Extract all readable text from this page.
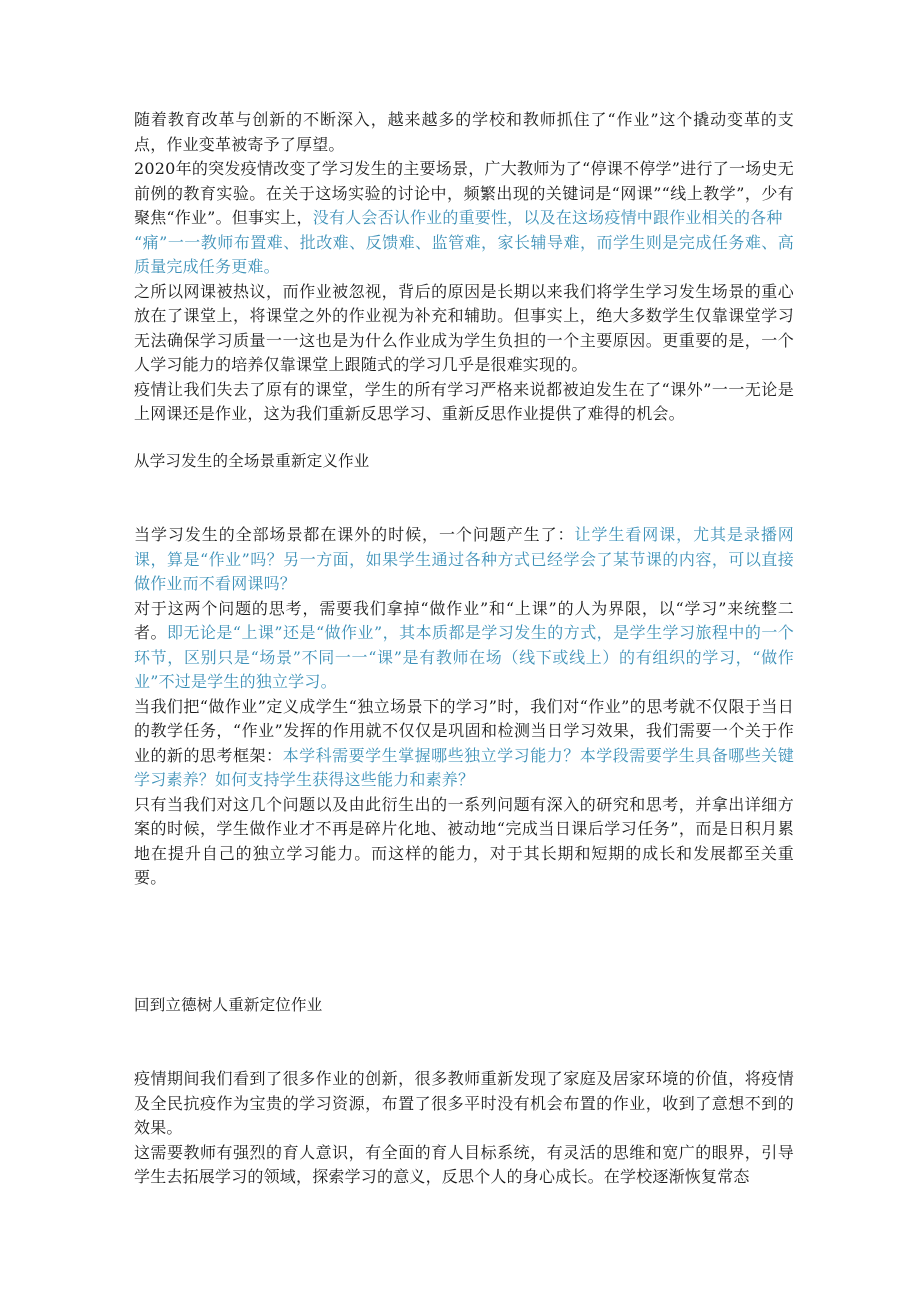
随着教育改革与创新的不断深入，越来越多的学校和教师抓住了“作业”这个撬动变革的支点，作业变革被寄予了厚望。

2020年的突发疫情改变了学习发生的主要场景，广大教师为了“停课不停学”进行了一场史无前例的教育实验。在关于这场实验的讨论中，频繁出现的关键词是“网课”“线上教学”，少有聚焦“作业”。但事实上，没有人会否认作业的重要性，以及在这场疫情中跟作业相关的各种

“痛”一一教师布置难、批改难、反馈难、监管难，家长辅导难，而学生则是完成任务难、高质量完成任务更难。

之所以网课被热议，而作业被忽视，背后的原因是长期以来我们将学生学习发生场景的重心放在了课堂上，将课堂之外的作业视为补充和辅助。但事实上，绝大多数学生仅靠课堂学习无法确保学习质量一一这也是为什么作业成为学生负担的一个主要原因。更重要的是，一个人学习能力的培养仅靠课堂上跟随式的学习几乎是很难实现的。

疫情让我们失去了原有的课堂，学生的所有学习严格来说都被迫发生在了“课外”一一无论是上网课还是作业，这为我们重新反思学习、重新反思作业提供了难得的机会。

从学习发生的全场景重新定义作业

当学习发生的全部场景都在课外的时候，一个问题产生了：让学生看网课，尤其是录播网课，算是“作业”吗？另一方面，如果学生通过各种方式已经学会了某节课的内容，可以直接做作业而不看网课吗？

对于这两个问题的思考，需要我们拿掉“做作业”和“上课”的人为界限，以“学习”来统整二者。即无论是“上课”还是“做作业”，其本质都是学习发生的方式，是学生学习旅程中的一个环节，区别只是“场景”不同一一“课”是有教师在场（线下或线上）的有组织的学习，“做作业”不过是学生的独立学习。

当我们把“做作业”定义成学生“独立场景下的学习”时，我们对“作业”的思考就不仅限于当日的教学任务，“作业”发挥的作用就不仅仅是巩固和检测当日学习效果，我们需要一个关于作业的新的思考框架：本学科需要学生掌握哪些独立学习能力？本学段需要学生具备哪些关键学习素养？如何支持学生获得这些能力和素养？

只有当我们对这几个问题以及由此衍生出的一系列问题有深入的研究和思考，并拿出详细方案的时候，学生做作业才不再是碎片化地、被动地“完成当日课后学习任务”，而是日积月累地在提升自己的独立学习能力。而这样的能力，对于其长期和短期的成长和发展都至关重要。

回到立德树人重新定位作业

疫情期间我们看到了很多作业的创新，很多教师重新发现了家庭及居家环境的价值，将疫情及全民抗疫作为宝贵的学习资源，布置了很多平时没有机会布置的作业，收到了意想不到的效果。

这需要教师有强烈的育人意识，有全面的育人目标系统，有灵活的思维和宽广的眼界，引导学生去拓展学习的领域，探索学习的意义，反思个人的身心成长。在学校逐渐恢复常态
